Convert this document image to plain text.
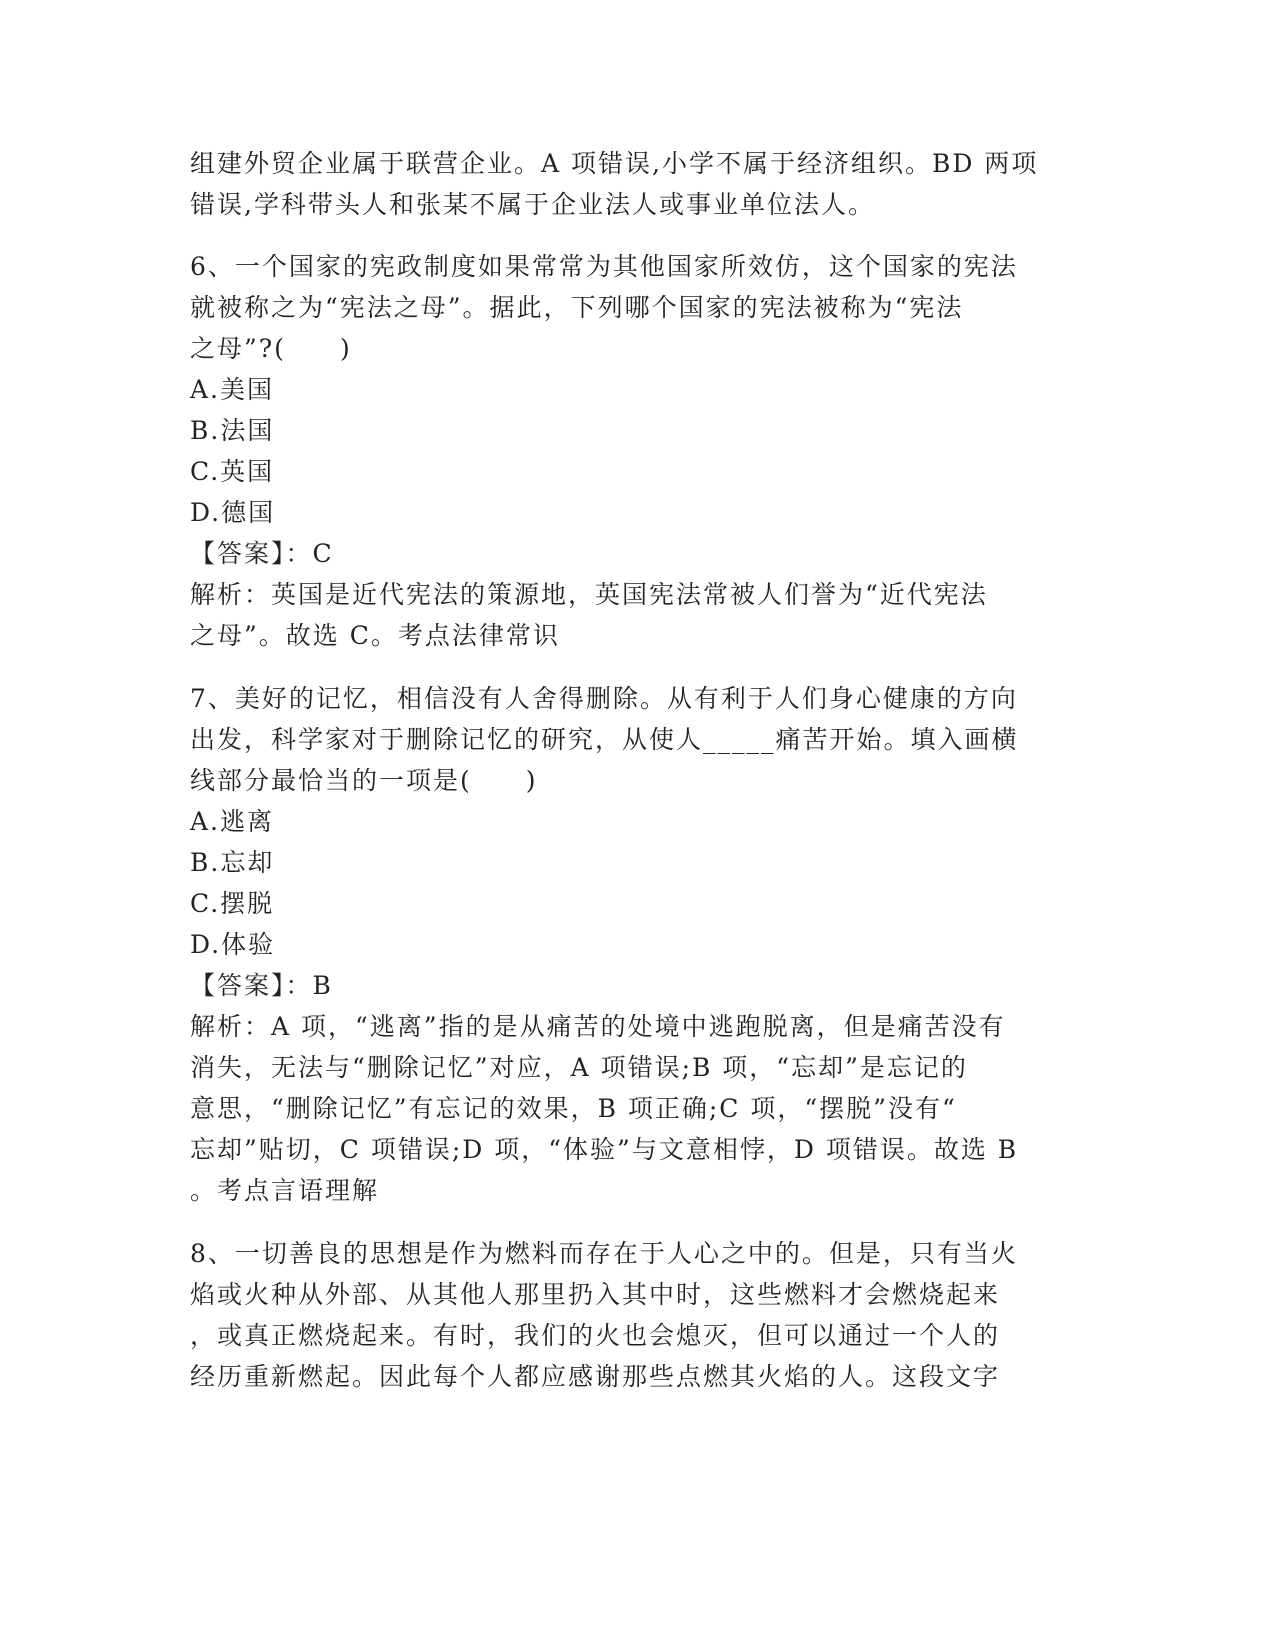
组建外贸企业属于联营企业。A 项错误,小学不属于经济组织。BD 两项
错误,学科带头人和张某不属于企业法人或事业单位法人。
6、一个国家的宪政制度如果常常为其他国家所效仿，这个国家的宪法
就被称之为“宪法之母”。据此，下列哪个国家的宪法被称为“宪法
之母”?(　　)
A.美国
B.法国
C.英国
D.德国
【答案】：C
解析：英国是近代宪法的策源地，英国宪法常被人们誉为“近代宪法
之母”。故选 C。考点法律常识
7、美好的记忆，相信没有人舍得删除。从有利于人们身心健康的方向
出发，科学家对于删除记忆的研究，从使人_____痛苦开始。填入画横
线部分最恰当的一项是(　　)
A.逃离
B.忘却
C.摆脱
D.体验
【答案】：B
解析：A 项，“逃离”指的是从痛苦的处境中逃跑脱离，但是痛苦没有
消失，无法与“删除记忆”对应，A 项错误;B 项，“忘却”是忘记的
意思，“删除记忆”有忘记的效果，B 项正确;C 项，“摆脱”没有“
忘却”贴切，C 项错误;D 项，“体验”与文意相悖，D 项错误。故选 B
。考点言语理解
8、一切善良的思想是作为燃料而存在于人心之中的。但是，只有当火
焰或火种从外部、从其他人那里扔入其中时，这些燃料才会燃烧起来
，或真正燃烧起来。有时，我们的火也会熄灭，但可以通过一个人的
经历重新燃起。因此每个人都应感谢那些点燃其火焰的人。这段文字
